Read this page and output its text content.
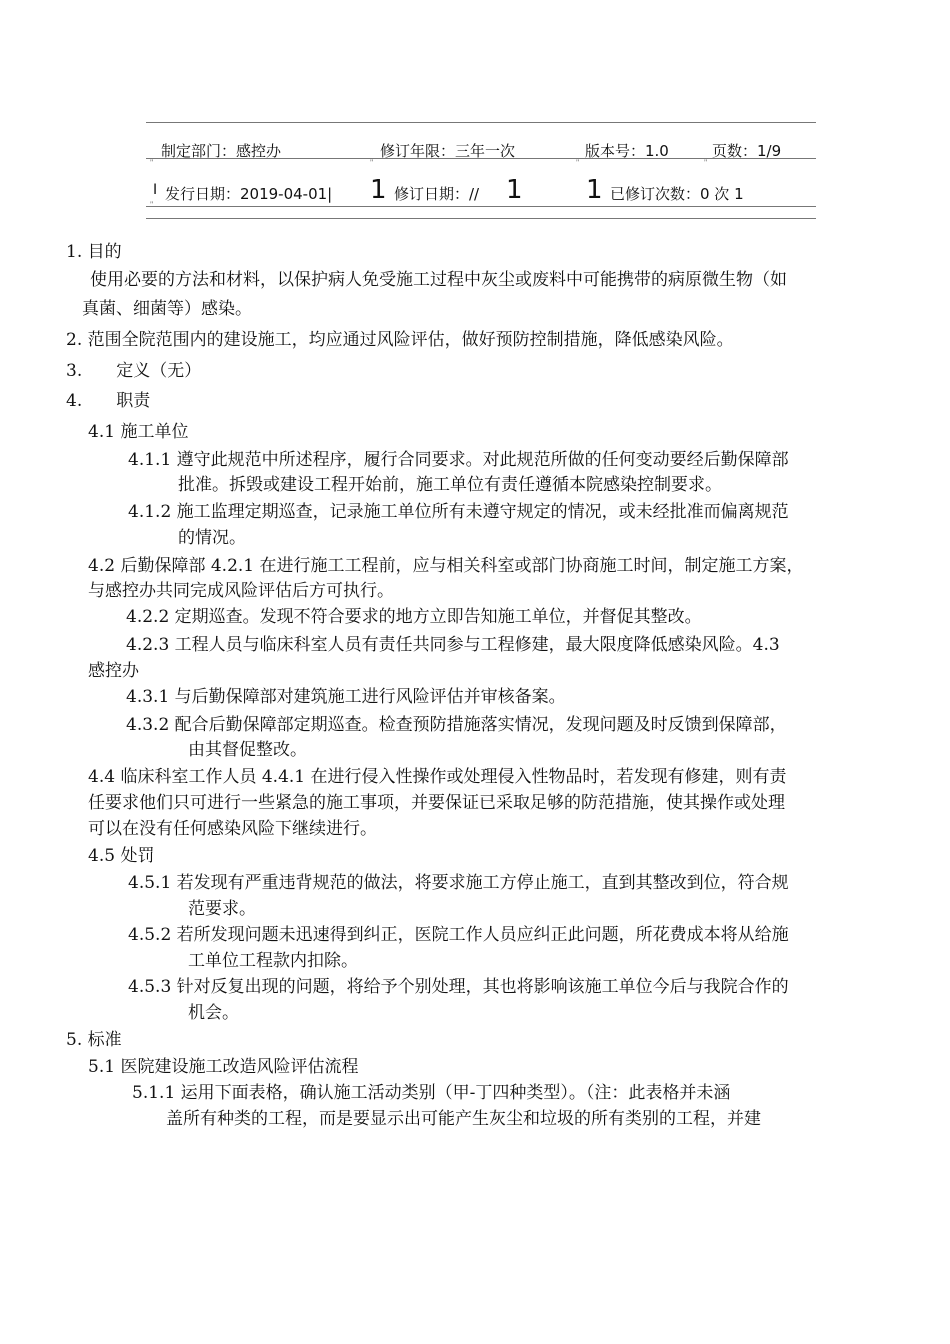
制定部门：感控办	修订年限：三年一次	版本号：1.0	页数：1/9
"	"	"	"
I 发行日期：2019-04-01| 1 修订日期：// 1 1 已修订次数：0 次 1
"
1. 目的
使用必要的方法和材料，以保护病人免受施工过程中灰尘或废料中可能携带的病原微生物（如
真菌、细菌等）感染。
2. 范围全院范围内的建设施工，均应通过风险评估，做好预防控制措施，降低感染风险。
3.　　定义（无）
4.　　职责
4.1 施工单位
4.1.1 遵守此规范中所述程序，履行合同要求。对此规范所做的任何变动要经后勤保障部
批准。拆毁或建设工程开始前，施工单位有责任遵循本院感染控制要求。
4.1.2 施工监理定期巡查，记录施工单位所有未遵守规定的情况，或未经批准而偏离规范
的情况。
4.2 后勤保障部 4.2.1 在进行施工工程前，应与相关科室或部门协商施工时间，制定施工方案，
与感控办共同完成风险评估后方可执行。
4.2.2 定期巡查。发现不符合要求的地方立即告知施工单位，并督促其整改。
4.2.3 工程人员与临床科室人员有责任共同参与工程修建，最大限度降低感染风险。4.3
感控办
4.3.1 与后勤保障部对建筑施工进行风险评估并审核备案。
4.3.2 配合后勤保障部定期巡查。检查预防措施落实情况，发现问题及时反馈到保障部，
由其督促整改。
4.4 临床科室工作人员 4.4.1 在进行侵入性操作或处理侵入性物品时，若发现有修建，则有责
任要求他们只可进行一些紧急的施工事项，并要保证已采取足够的防范措施，使其操作或处理
可以在没有任何感染风险下继续进行。
4.5 处罚
4.5.1 若发现有严重违背规范的做法，将要求施工方停止施工，直到其整改到位，符合规
范要求。
4.5.2 若所发现问题未迅速得到纠正，医院工作人员应纠正此问题，所花费成本将从给施
工单位工程款内扣除。
4.5.3 针对反复出现的问题，将给予个别处理，其也将影响该施工单位今后与我院合作的
机会。
5. 标准
5.1 医院建设施工改造风险评估流程
5.1.1 运用下面表格，确认施工活动类别（甲-丁四种类型）。（注：此表格并未涵
盖所有种类的工程，而是要显示出可能产生灰尘和垃圾的所有类别的工程，并建
